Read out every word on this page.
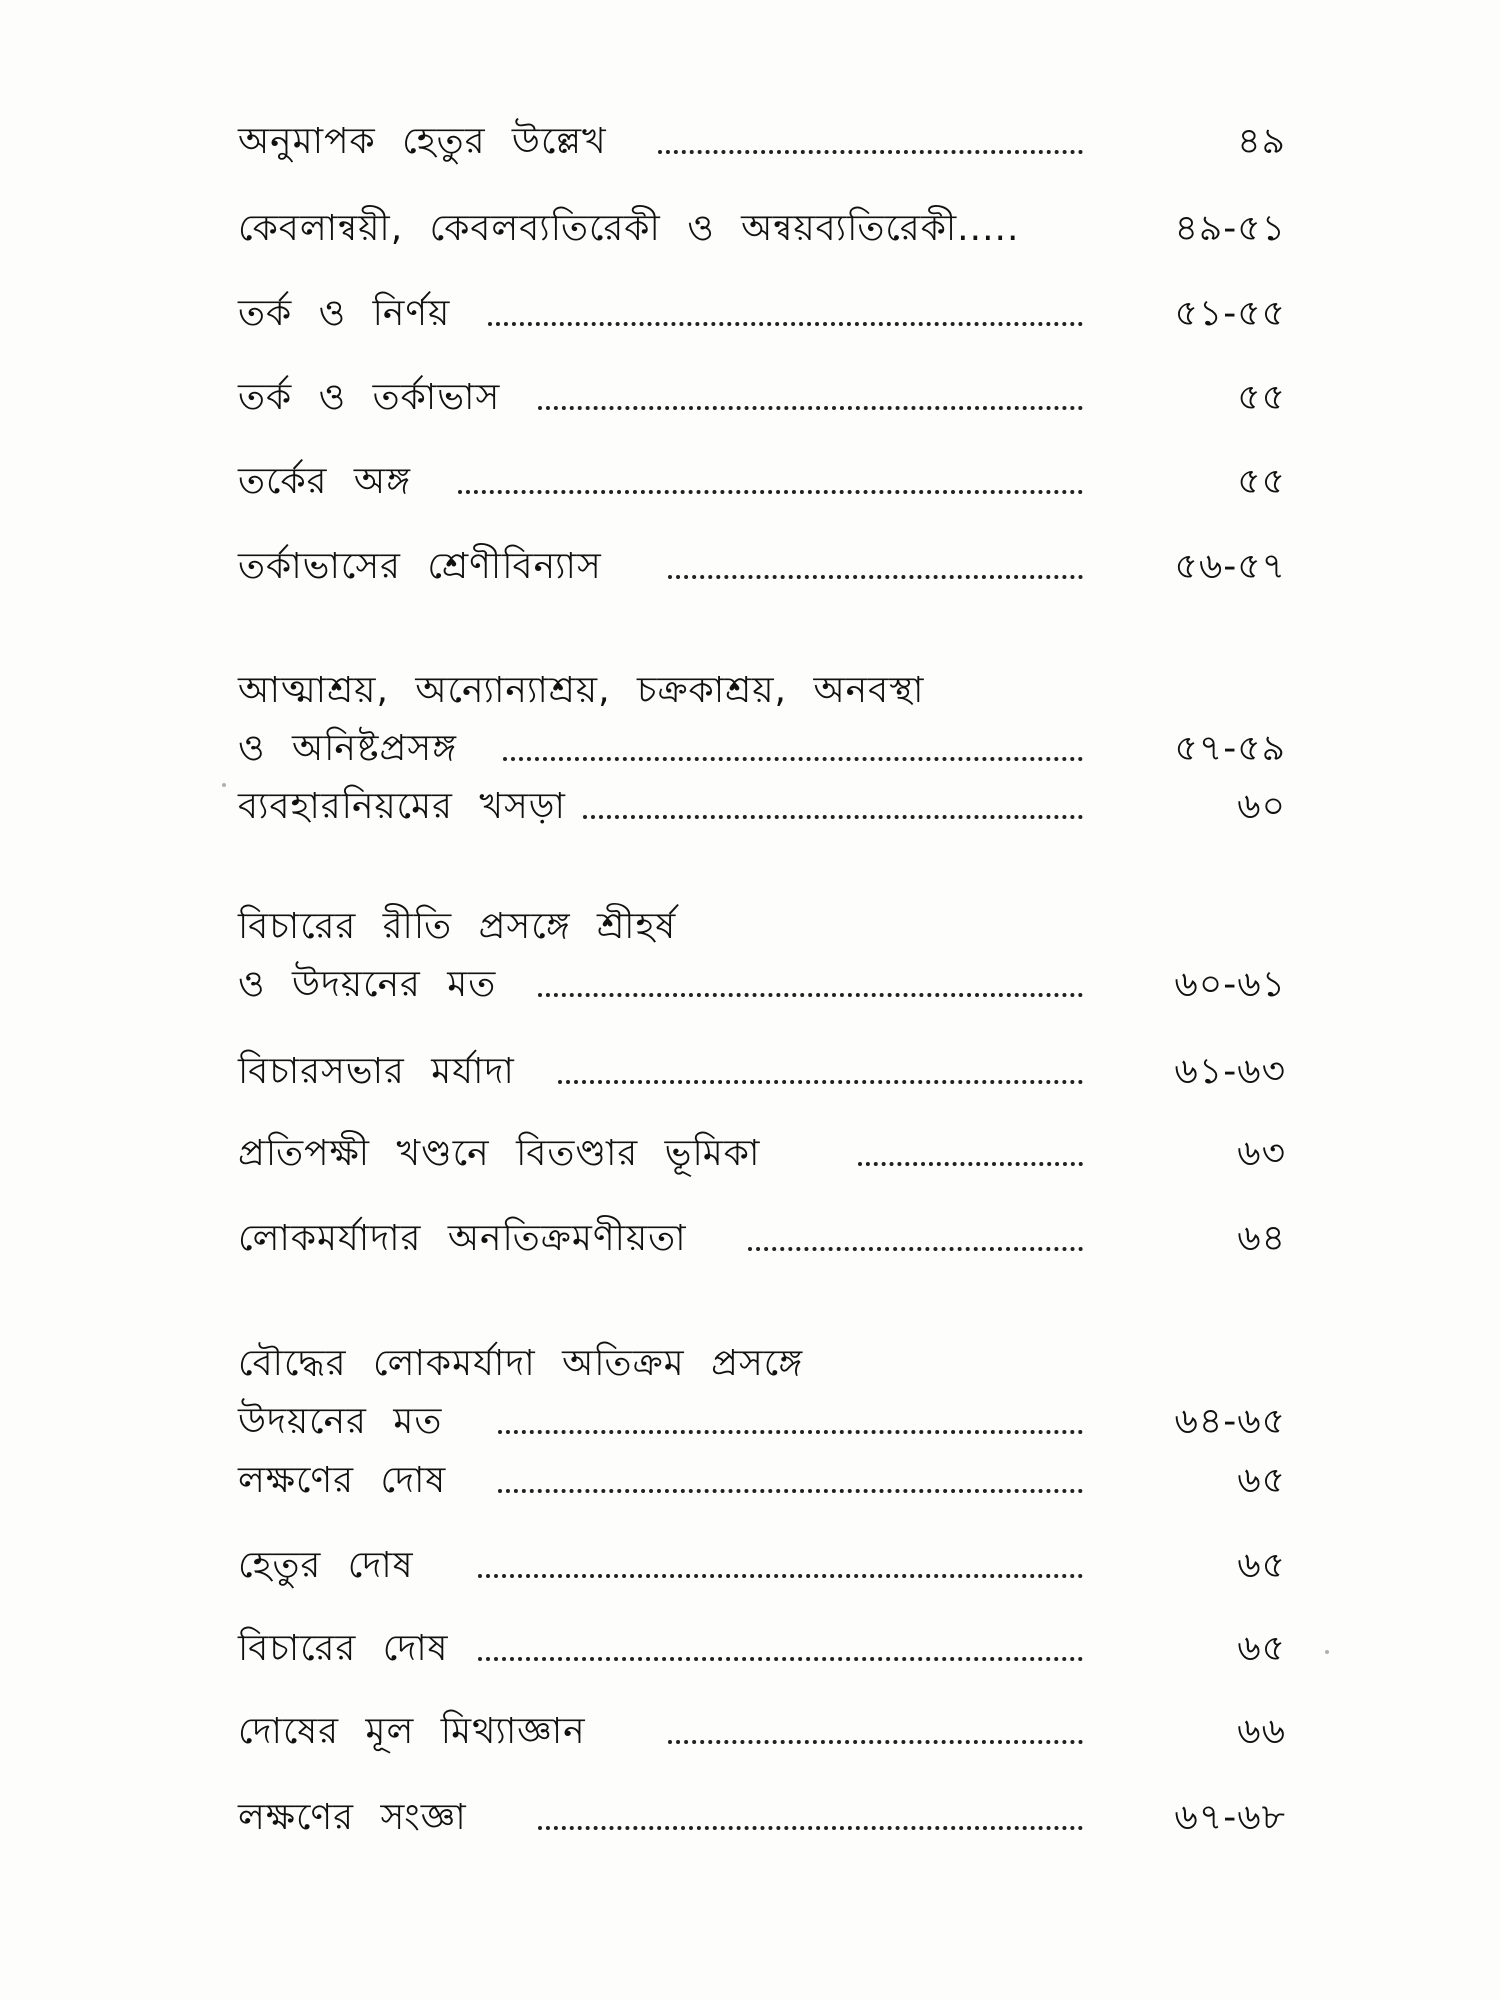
অনুমাপক হেতুর উল্লেখ	৪৯
কেবলান্বয়ী, কেবলব্যতিরেকী ও অন্বয়ব্যতিরেকী.....	৪৯-৫১
তর্ক ও নির্ণয়	৫১-৫৫
তর্ক ও তর্কাভাস	৫৫
তর্কের অঙ্গ	৫৫
তর্কাভাসের শ্রেণীবিন্যাস	৫৬-৫৭
আত্মাশ্রয়, অন্যোন্যাশ্রয়, চক্রকাশ্রয়, অনবস্থা
ও অনিষ্টপ্রসঙ্গ	৫৭-৫৯
ব্যবহারনিয়মের খসড়া	৬০
বিচারের রীতি প্রসঙ্গে শ্রীহর্ষ
ও উদয়নের মত	৬০-৬১
বিচারসভার মর্যাদা	৬১-৬৩
প্রতিপক্ষী খণ্ডনে বিতণ্ডার ভূমিকা	৬৩
লোকমর্যাদার অনতিক্রমণীয়তা	৬৪
বৌদ্ধের লোকমর্যাদা অতিক্রম প্রসঙ্গে
উদয়নের মত	৬৪-৬৫
লক্ষণের দোষ	৬৫
হেতুর দোষ	৬৫
বিচারের দোষ	৬৫
দোষের মূল মিথ্যাজ্ঞান	৬৬
লক্ষণের সংজ্ঞা	৬৭-৬৮
